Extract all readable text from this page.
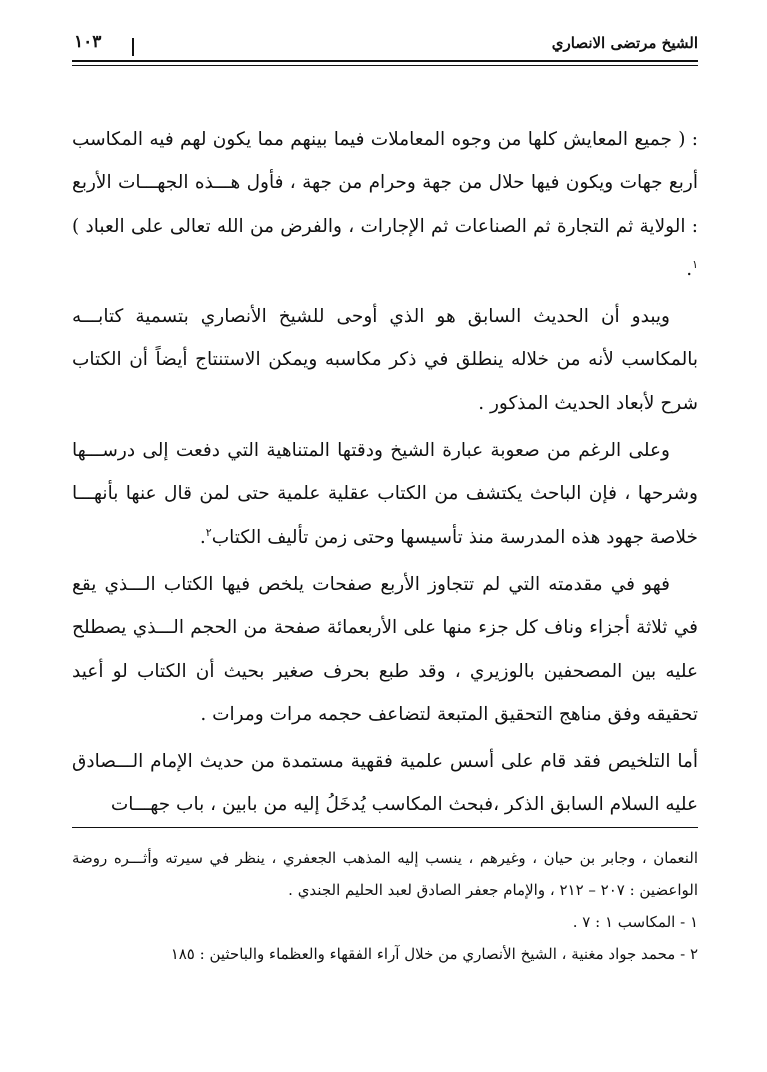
الشيخ مرتضى الانصاري
١٠٣

: ( جميع المعايش كلها من وجوه المعاملات فيما بينهم مما يكون لهم فيه المكاسب أربع جهات ويكون فيها حلال من جهة وحرام من جهة ، فأول هـــذه الجهـــات الأربع : الولاية ثم التجارة ثم الصناعات ثم الإجارات ، والفرض من الله تعالى على العباد ) $^١$.

ويبدو أن الحديث السابق هو الذي أوحى للشيخ الأنصاري بتسمية كتابـــه بالمكاسب لأنه من خلاله ينطلق في ذكر مكاسبه ويمكن الاستنتاج أيضاً أن الكتاب شرح لأبعاد الحديث المذكور .

وعلى الرغم من صعوبة عبارة الشيخ ودقتها المتناهية التي دفعت إلى درســـها وشرحها ، فإن الباحث يكتشف من الكتاب عقلية علمية حتى لمن قال عنها بأنهـــا خلاصة جهود هذه المدرسة منذ تأسيسها وحتى زمن تأليف الكتاب$^٢$.

فهو في مقدمته التي لم تتجاوز الأربع صفحات يلخص فيها الكتاب الـــذي يقع في ثلاثة أجزاء وناف كل جزء منها على الأربعمائة صفحة من الحجم الـــذي يصطلح عليه بين المصحفين بالوزيري ، وقد طبع بحرف صغير بحيث أن الكتاب لو أعيد تحقيقه وفق مناهج التحقيق المتبعة لتضاعف حجمه مرات ومرات .

أما التلخيص فقد قام على أسس علمية فقهية مستمدة من حديث الإمام الـــصادق عليه السلام السابق الذكر ،فبحث المكاسب يُدخَلُ إليه من بابين ، باب جهـــات

النعمان ، وجابر بن حيان ، وغيرهم ، ينسب إليه المذهب الجعفري ، ينظر في سيرته وأثـــره روضة الواعضين : ٢٠٧ – ٢١٢ ، والإمام جعفر الصادق لعبد الحليم الجندي .

١ - المكاسب ١ : ٧ .

٢ - محمد جواد مغنية ، الشيخ الأنصاري من خلال آراء الفقهاء والعظماء والباحثين : ١٨٥
